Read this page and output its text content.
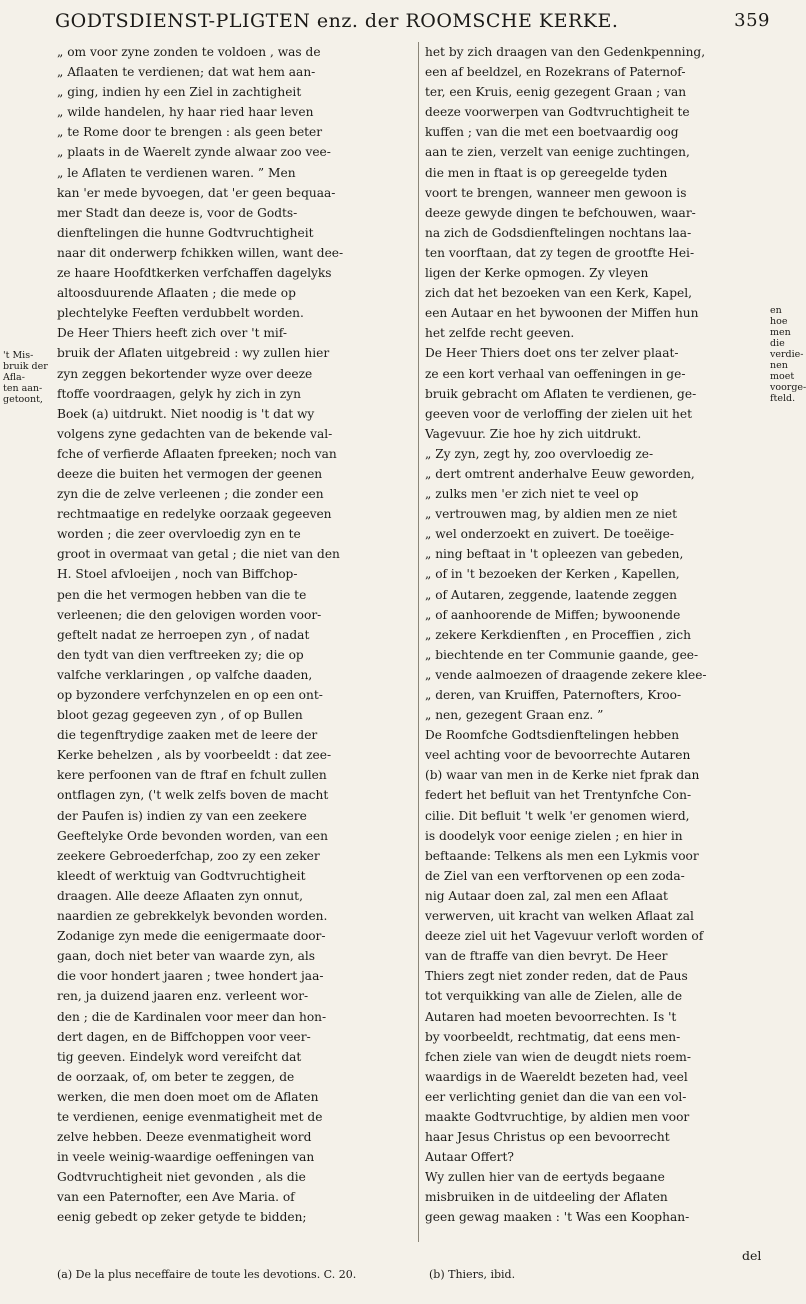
GODTSDIENST-PLIGTEN enz. der ROOMSCHE KERKE.	359
't Mis-
bruik der
Afla-
ten aan-
getoont,
„ om voor zyne zonden te voldoen , was de
„ Aflaaten te verdienen; dat wat hem aan-
„ ging, indien hy een Ziel in zachtigheit
„ wilde handelen, hy haar ried haar leven
„ te Rome door te brengen : als geen beter
„ plaats in de Waerelt zynde alwaar zoo vee-
„ le Aflaten te verdienen waren. ” Men
kan 'er mede byvoegen, dat 'er geen bequaa-
mer Stadt dan deeze is, voor de Godts-
dienftelingen die hunne Godtvruchtigheit
naar dit onderwerp fchikken willen, want dee-
ze haare Hoofdtkerken verfchaffen dagelyks
altoosduurende Aflaaten ; die mede op
plechtelyke Feeften verdubbelt worden.
De Heer Thiers heeft zich over 't mif-
bruik der Aflaten uitgebreid : wy zullen hier
zyn zeggen bekortender wyze over deeze
ftoffe voordraagen, gelyk hy zich in zyn
Boek (a) uitdrukt. Niet noodig is 't dat wy
volgens zyne gedachten van de bekende val-
fche of verfierde Aflaaten fpreeken; noch van
deeze die buiten het vermogen der geenen
zyn die de zelve verleenen ; die zonder een
rechtmaatige en redelyke oorzaak gegeeven
worden ; die zeer overvloedig zyn en te
groot in overmaat van getal ; die niet van den
H. Stoel afvloeijen , noch van Biffchop-
pen die het vermogen hebben van die te
verleenen; die den gelovigen worden voor-
geftelt nadat ze herroepen zyn , of nadat
den tydt van dien verftreeken zy; die op
valfche verklaringen , op valfche daaden,
op byzondere verfchynzelen en op een ont-
bloot gezag gegeeven zyn , of op Bullen
die tegenftrydige zaaken met de leere der
Kerke behelzen , als by voorbeeldt : dat zee-
kere perfoonen van de ftraf en fchult zullen
ontflagen zyn, ('t welk zelfs boven de macht
der Paufen is) indien zy van een zeekere
Geeftelyke Orde bevonden worden, van een
zeekere Gebroederfchap, zoo zy een zeker
kleedt of werktuig van Godtvruchtigheit
draagen. Alle deeze Aflaaten zyn onnut,
naardien ze gebrekkelyk bevonden worden.
Zodanige zyn mede die eenigermaate door-
gaan, doch niet beter van waarde zyn, als
die voor hondert jaaren ; twee hondert jaa-
ren, ja duizend jaaren enz. verleent wor-
den ; die de Kardinalen voor meer dan hon-
dert dagen, en de Biffchoppen voor veer-
tig geeven. Eindelyk word vereifcht dat
de oorzaak, of, om beter te zeggen, de
werken, die men doen moet om de Aflaten
te verdienen, eenige evenmatigheit met de
zelve hebben. Deeze evenmatigheit word
in veele weinig-waardige oeffeningen van
Godtvruchtigheit niet gevonden , als die
van een Paternofter, een Ave Maria. of
eenig gebedt op zeker getyde te bidden;
het by zich draagen van den Gedenkpenning,
een af beeldzel, en Rozekrans of Paternof-
ter, een Kruis, eenig gezegent Graan ; van
deeze voorwerpen van Godtvruchtigheit te
kuffen ; van die met een boetvaardig oog
aan te zien, verzelt van eenige zuchtingen,
die men in ftaat is op gereegelde tyden
voort te brengen, wanneer men gewoon is
deeze gewyde dingen te befchouwen, waar-
na zich de Godsdienftelingen nochtans laa-
ten voorftaan, dat zy tegen de grootfte Hei-
ligen der Kerke opmogen. Zy vleyen
zich dat het bezoeken van een Kerk, Kapel,
een Autaar en het bywoonen der Miffen hun
het zelfde recht geeven.
De Heer Thiers doet ons ter zelver plaat-
ze een kort verhaal van oeffeningen in ge-
bruik gebracht om Aflaten te verdienen, ge-
geeven voor de verloffing der zielen uit het
Vagevuur. Zie hoe hy zich uitdrukt.
„ Zy zyn, zegt hy, zoo overvloedig ze-
„ dert omtrent anderhalve Eeuw geworden,
„ zulks men 'er zich niet te veel op
„ vertrouwen mag, by aldien men ze niet
„ wel onderzoekt en zuivert. De toeëige-
„ ning beftaat in 't opleezen van gebeden,
„ of in 't bezoeken der Kerken , Kapellen,
„ of Autaren, zeggende, laatende zeggen
„ of aanhoorende de Miffen; bywoonende
„ zekere Kerkdienften , en Proceffien , zich
„ biechtende en ter Communie gaande, gee-
„ vende aalmoezen of draagende zekere klee-
„ deren, van Kruiffen, Paternofters, Kroo-
„ nen, gezegent Graan enz. ”
De Roomfche Godtsdienftelingen hebben
veel achting voor de bevoorrechte Autaren
(b) waar van men in de Kerke niet fprak dan
federt het befluit van het Trentynfche Con-
cilie. Dit befluit 't welk 'er genomen wierd,
is doodelyk voor eenige zielen ; en hier in
beftaande: Telkens als men een Lykmis voor
de Ziel van een verftorvenen op een zoda-
nig Autaar doen zal, zal men een Aflaat
verwerven, uit kracht van welken Aflaat zal
deeze ziel uit het Vagevuur verloft worden of
van de ftraffe van dien bevryt. De Heer
Thiers zegt niet zonder reden, dat de Paus
tot verquikking van alle de Zielen, alle de
Autaren had moeten bevoorrechten. Is 't
by voorbeeldt, rechtmatig, dat eens men-
fchen ziele van wien de deugdt niets roem-
waardigs in de Waereldt bezeten had, veel
eer verlichting geniet dan die van een vol-
maakte Godtvruchtige, by aldien men voor
haar Jesus Christus op een bevoorrecht
Autaar Offert?
Wy zullen hier van de eertyds begaane
misbruiken in de uitdeeling der Aflaten
geen gewag maaken : 't Was een Koophan-
en hoe
men die
verdie-
nen
moet
voorge-
fteld.
del
(a) De la plus neceffaire de toute les devotions. C. 20.	(b) Thiers, ibid.
